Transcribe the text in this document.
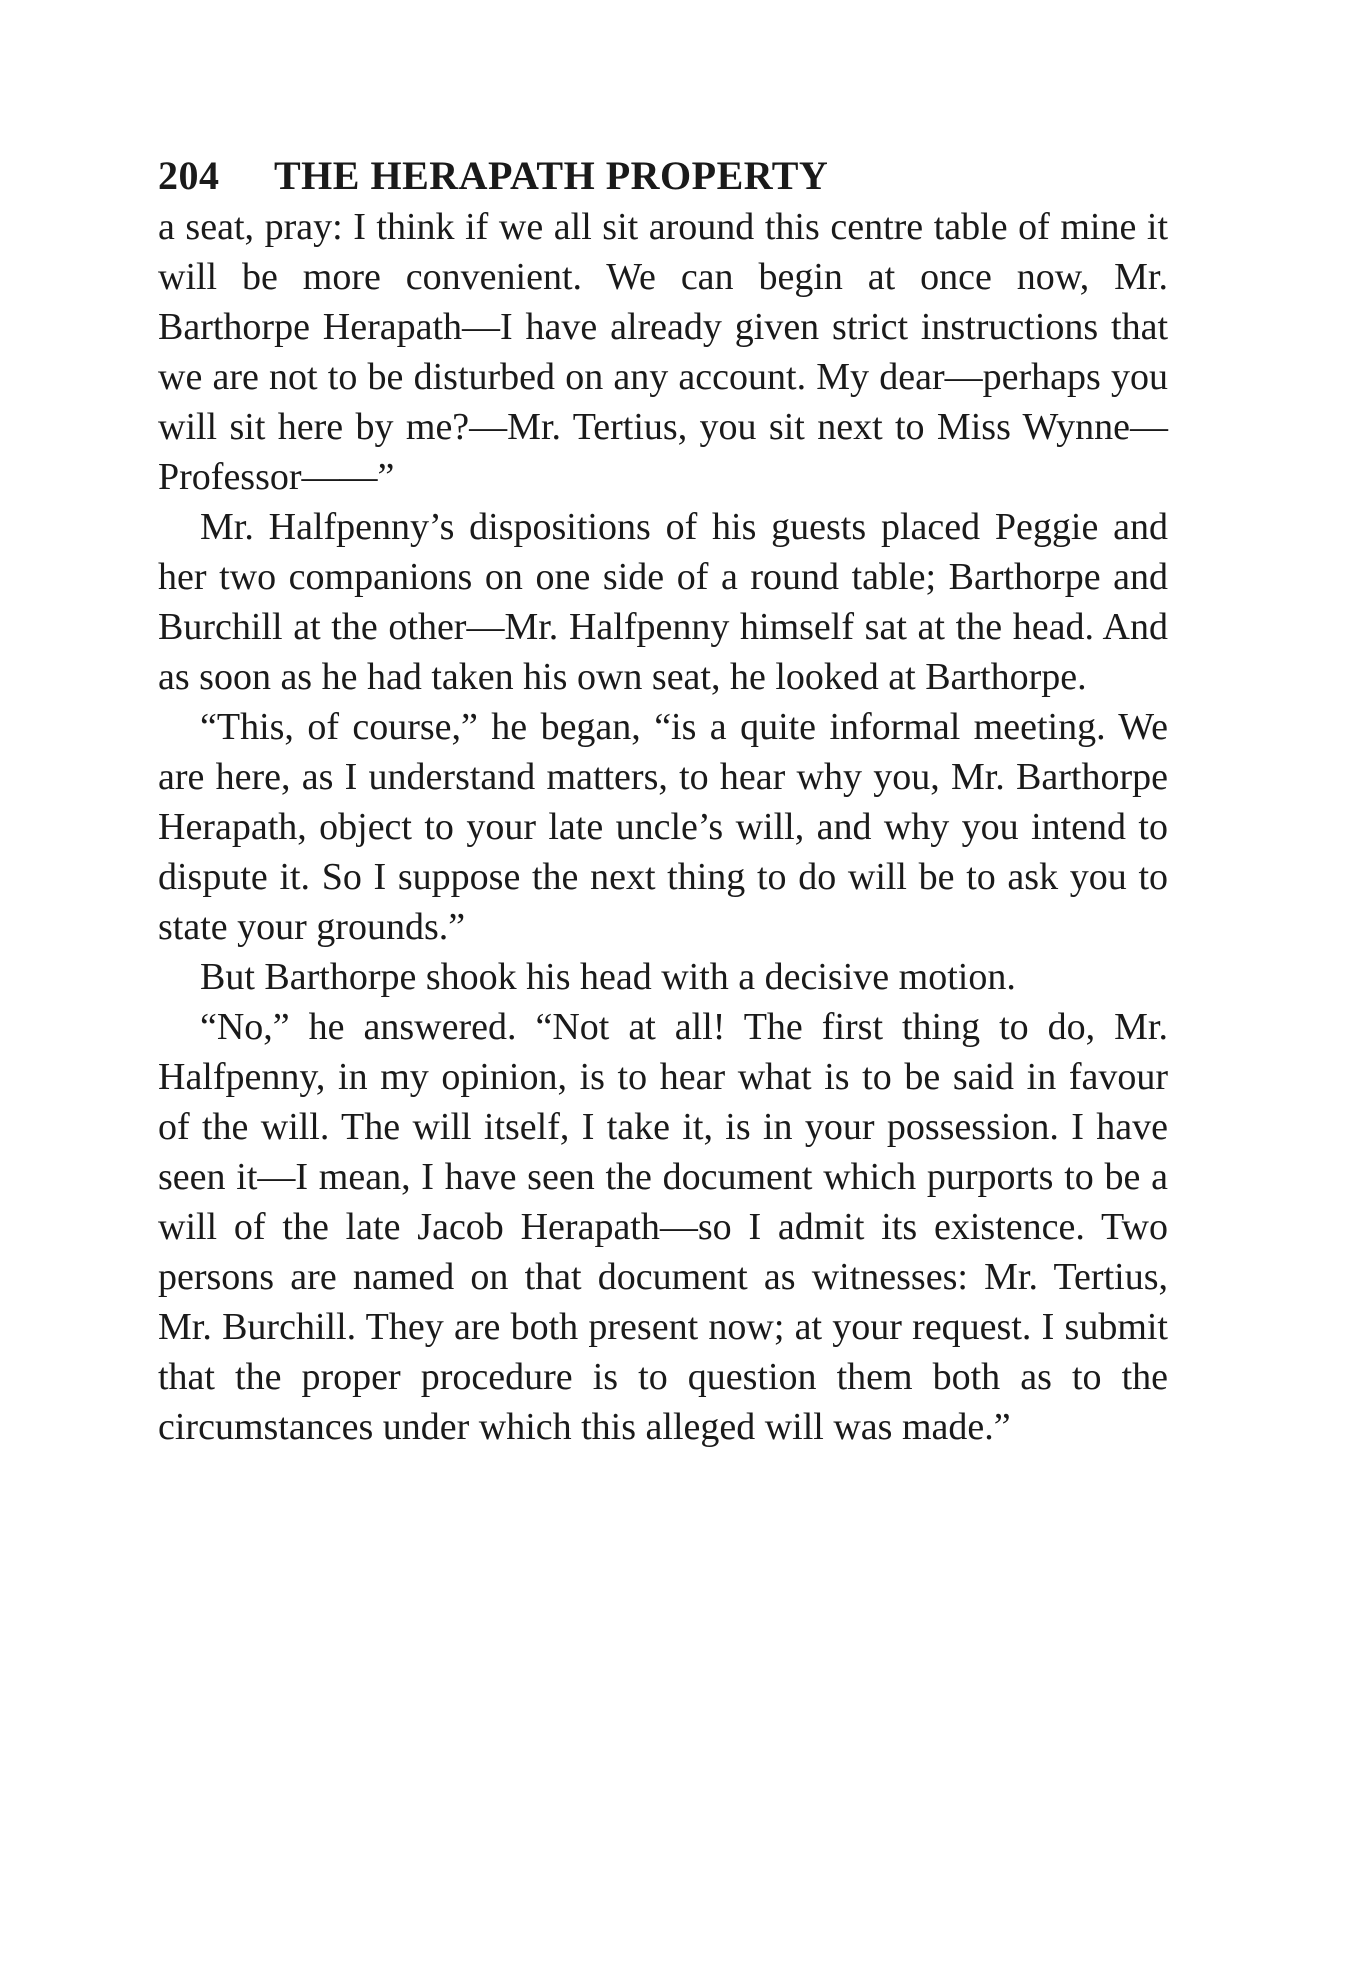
204 THE HERAPATH PROPERTY

a seat, pray: I think if we all sit around this centre table of mine it will be more convenient. We can begin at once now, Mr. Barthorpe Herapath—I have already given strict instructions that we are not to be disturbed on any account. My dear—perhaps you will sit here by me?—Mr. Tertius, you sit next to Miss Wynne—Professor——”

Mr. Halfpenny’s dispositions of his guests placed Peggie and her two companions on one side of a round table; Barthorpe and Burchill at the other—Mr. Halfpenny himself sat at the head. And as soon as he had taken his own seat, he looked at Barthorpe.

“This, of course,” he began, “is a quite informal meeting. We are here, as I understand matters, to hear why you, Mr. Barthorpe Herapath, object to your late uncle’s will, and why you intend to dispute it. So I suppose the next thing to do will be to ask you to state your grounds.”

But Barthorpe shook his head with a decisive motion.

“No,” he answered. “Not at all! The first thing to do, Mr. Halfpenny, in my opinion, is to hear what is to be said in favour of the will. The will itself, I take it, is in your possession. I have seen it—I mean, I have seen the document which purports to be a will of the late Jacob Herapath—so I admit its existence. Two persons are named on that document as witnesses: Mr. Tertius, Mr. Burchill. They are both present now; at your request. I submit that the proper procedure is to question them both as to the circumstances under which this alleged will was made.”
